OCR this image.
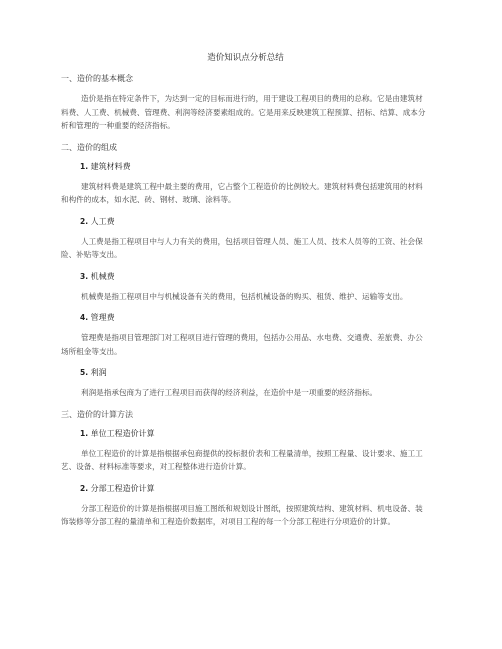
造价知识点分析总结
一、造价的基本概念
造价是指在特定条件下，为达到一定的目标而进行的，用于建设工程项目的费用的总称。它是由建筑材料费、人工费、机械费、管理费、利润等经济要素组成的。它是用来反映建筑工程预算、招标、结算、成本分析和管理的一种重要的经济指标。
二、造价的组成
1. 建筑材料费
建筑材料费是建筑工程中最主要的费用，它占整个工程造价的比例较大。建筑材料费包括建筑用的材料和构件的成本，如水泥、砖、钢材、玻璃、涂料等。
2. 人工费
人工费是指工程项目中与人力有关的费用，包括项目管理人员、施工人员、技术人员等的工资、社会保险、补贴等支出。
3. 机械费
机械费是指工程项目中与机械设备有关的费用，包括机械设备的购买、租赁、维护、运输等支出。
4. 管理费
管理费是指项目管理部门对工程项目进行管理的费用，包括办公用品、水电费、交通费、差旅费、办公场所租金等支出。
5. 利润
利润是指承包商为了进行工程项目而获得的经济利益，在造价中是一项重要的经济指标。
三、造价的计算方法
1. 单位工程造价计算
单位工程造价的计算是指根据承包商提供的投标报价表和工程量清单，按照工程量、设计要求、施工工艺、设备、材料标准等要求，对工程整体进行造价计算。
2. 分部工程造价计算
分部工程造价的计算是指根据项目施工图纸和规划设计图纸，按照建筑结构、建筑材料、机电设备、装饰装修等分部工程的量清单和工程造价数据库，对项目工程的每一个分部工程进行分项造价的计算。
